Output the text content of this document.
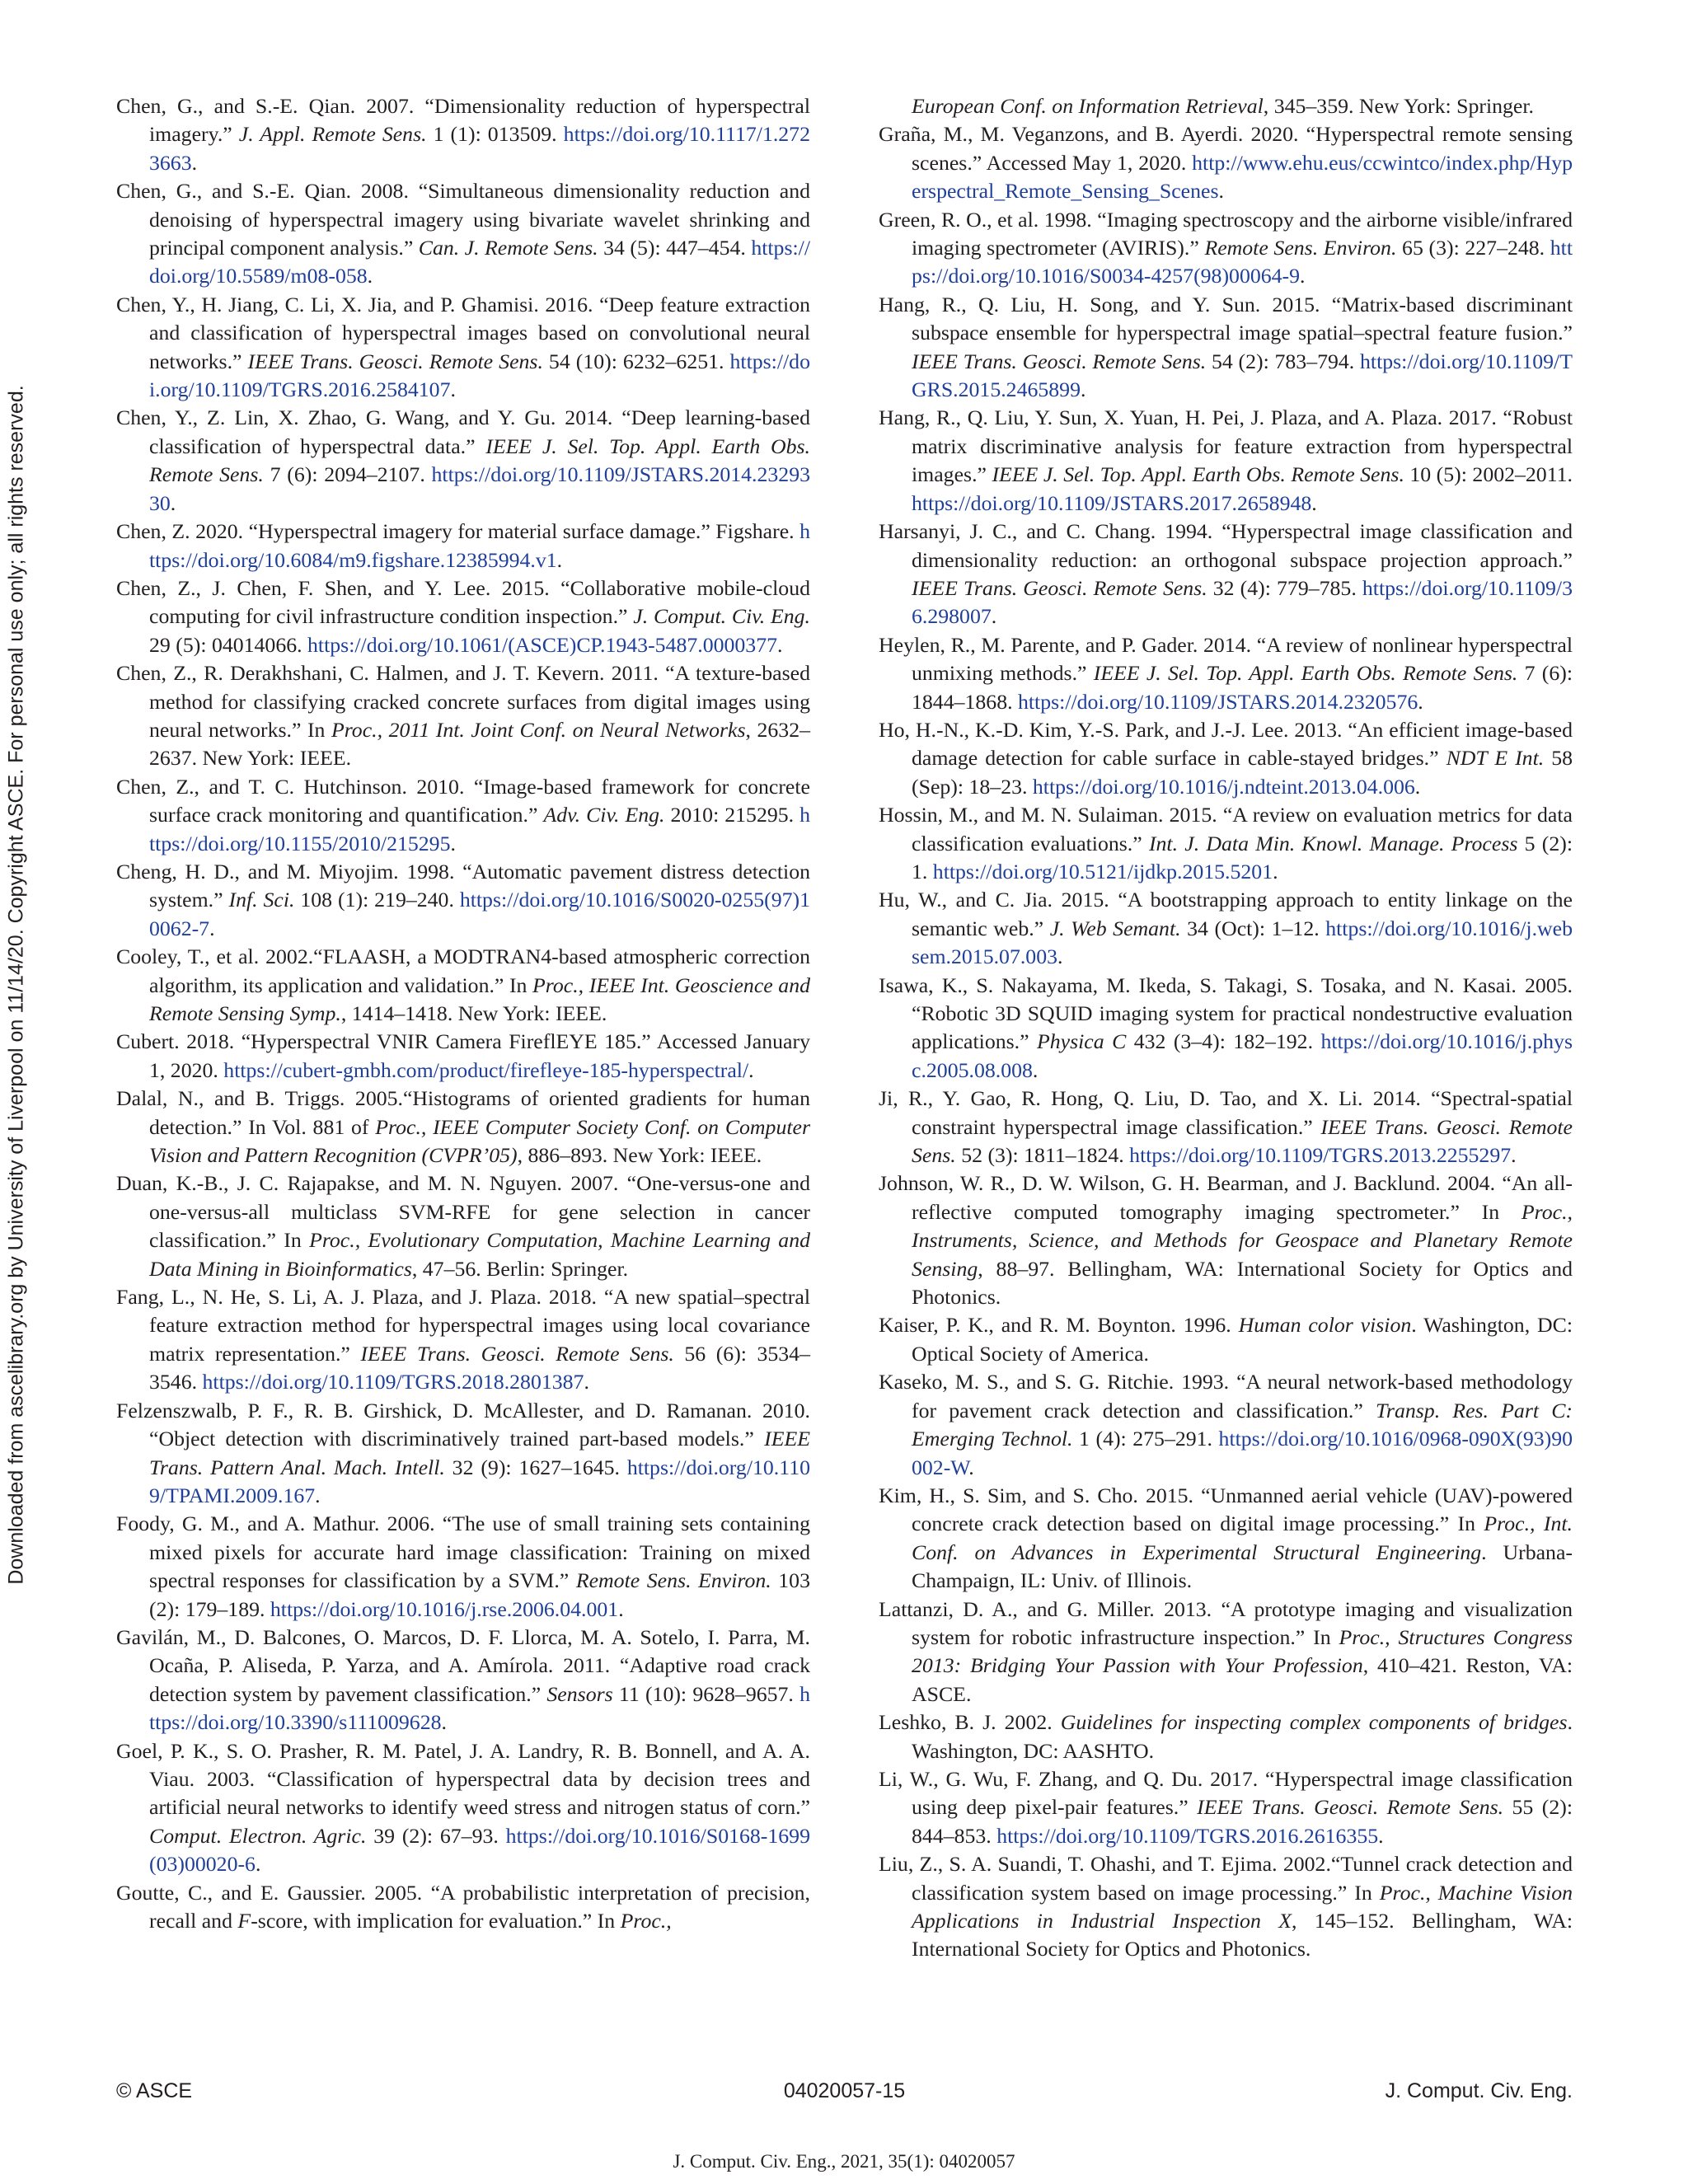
Downloaded from ascelibrary.org by University of Liverpool on 11/14/20. Copyright ASCE. For personal use only; all rights reserved.

Chen, G., and S.-E. Qian. 2007. “Dimensionality reduction of hyperspectral imagery.” J. Appl. Remote Sens. 1 (1): 013509. https://doi.org/10.1117/1.2723663.

Chen, G., and S.-E. Qian. 2008. “Simultaneous dimensionality reduction and denoising of hyperspectral imagery using bivariate wavelet shrinking and principal component analysis.” Can. J. Remote Sens. 34 (5): 447–454. https://doi.org/10.5589/m08-058.

Chen, Y., H. Jiang, C. Li, X. Jia, and P. Ghamisi. 2016. “Deep feature extraction and classification of hyperspectral images based on convolutional neural networks.” IEEE Trans. Geosci. Remote Sens. 54 (10): 6232–6251. https://doi.org/10.1109/TGRS.2016.2584107.

Chen, Y., Z. Lin, X. Zhao, G. Wang, and Y. Gu. 2014. “Deep learning-based classification of hyperspectral data.” IEEE J. Sel. Top. Appl. Earth Obs. Remote Sens. 7 (6): 2094–2107. https://doi.org/10.1109/JSTARS.2014.2329330.

Chen, Z. 2020. “Hyperspectral imagery for material surface damage.” Figshare. https://doi.org/10.6084/m9.figshare.12385994.v1.

Chen, Z., J. Chen, F. Shen, and Y. Lee. 2015. “Collaborative mobile-cloud computing for civil infrastructure condition inspection.” J. Comput. Civ. Eng. 29 (5): 04014066. https://doi.org/10.1061/(ASCE)CP.1943-5487.0000377.

Chen, Z., R. Derakhshani, C. Halmen, and J. T. Kevern. 2011. “A texture-based method for classifying cracked concrete surfaces from digital images using neural networks.” In Proc., 2011 Int. Joint Conf. on Neural Networks, 2632–2637. New York: IEEE.

Chen, Z., and T. C. Hutchinson. 2010. “Image-based framework for concrete surface crack monitoring and quantification.” Adv. Civ. Eng. 2010: 215295. https://doi.org/10.1155/2010/215295.

Cheng, H. D., and M. Miyojim. 1998. “Automatic pavement distress detection system.” Inf. Sci. 108 (1): 219–240. https://doi.org/10.1016/S0020-0255(97)10062-7.

Cooley, T., et al. 2002.“FLAASH, a MODTRAN4-based atmospheric correction algorithm, its application and validation.” In Proc., IEEE Int. Geoscience and Remote Sensing Symp., 1414–1418. New York: IEEE.

Cubert. 2018. “Hyperspectral VNIR Camera FireflEYE 185.” Accessed January 1, 2020. https://cubert-gmbh.com/product/firefleye-185-hyperspectral/.

Dalal, N., and B. Triggs. 2005.“Histograms of oriented gradients for human detection.” In Vol. 881 of Proc., IEEE Computer Society Conf. on Computer Vision and Pattern Recognition (CVPR’05), 886–893. New York: IEEE.

Duan, K.-B., J. C. Rajapakse, and M. N. Nguyen. 2007. “One-versus-one and one-versus-all multiclass SVM-RFE for gene selection in cancer classification.” In Proc., Evolutionary Computation, Machine Learning and Data Mining in Bioinformatics, 47–56. Berlin: Springer.

Fang, L., N. He, S. Li, A. J. Plaza, and J. Plaza. 2018. “A new spatial–spectral feature extraction method for hyperspectral images using local covariance matrix representation.” IEEE Trans. Geosci. Remote Sens. 56 (6): 3534–3546. https://doi.org/10.1109/TGRS.2018.2801387.

Felzenszwalb, P. F., R. B. Girshick, D. McAllester, and D. Ramanan. 2010. “Object detection with discriminatively trained part-based models.” IEEE Trans. Pattern Anal. Mach. Intell. 32 (9): 1627–1645. https://doi.org/10.1109/TPAMI.2009.167.

Foody, G. M., and A. Mathur. 2006. “The use of small training sets containing mixed pixels for accurate hard image classification: Training on mixed spectral responses for classification by a SVM.” Remote Sens. Environ. 103 (2): 179–189. https://doi.org/10.1016/j.rse.2006.04.001.

Gavilán, M., D. Balcones, O. Marcos, D. F. Llorca, M. A. Sotelo, I. Parra, M. Ocaña, P. Aliseda, P. Yarza, and A. Amírola. 2011. “Adaptive road crack detection system by pavement classification.” Sensors 11 (10): 9628–9657. https://doi.org/10.3390/s111009628.

Goel, P. K., S. O. Prasher, R. M. Patel, J. A. Landry, R. B. Bonnell, and A. A. Viau. 2003. “Classification of hyperspectral data by decision trees and artificial neural networks to identify weed stress and nitrogen status of corn.” Comput. Electron. Agric. 39 (2): 67–93. https://doi.org/10.1016/S0168-1699(03)00020-6.

Goutte, C., and E. Gaussier. 2005. “A probabilistic interpretation of precision, recall and F-score, with implication for evaluation.” In Proc.,

European Conf. on Information Retrieval, 345–359. New York: Springer.

Graña, M., M. Veganzons, and B. Ayerdi. 2020. “Hyperspectral remote sensing scenes.” Accessed May 1, 2020. http://www.ehu.eus/ccwintco/index.php/Hyperspectral_Remote_Sensing_Scenes.

Green, R. O., et al. 1998. “Imaging spectroscopy and the airborne visible/infrared imaging spectrometer (AVIRIS).” Remote Sens. Environ. 65 (3): 227–248. https://doi.org/10.1016/S0034-4257(98)00064-9.

Hang, R., Q. Liu, H. Song, and Y. Sun. 2015. “Matrix-based discriminant subspace ensemble for hyperspectral image spatial–spectral feature fusion.” IEEE Trans. Geosci. Remote Sens. 54 (2): 783–794. https://doi.org/10.1109/TGRS.2015.2465899.

Hang, R., Q. Liu, Y. Sun, X. Yuan, H. Pei, J. Plaza, and A. Plaza. 2017. “Robust matrix discriminative analysis for feature extraction from hyperspectral images.” IEEE J. Sel. Top. Appl. Earth Obs. Remote Sens. 10 (5): 2002–2011. https://doi.org/10.1109/JSTARS.2017.2658948.

Harsanyi, J. C., and C. Chang. 1994. “Hyperspectral image classification and dimensionality reduction: an orthogonal subspace projection approach.” IEEE Trans. Geosci. Remote Sens. 32 (4): 779–785. https://doi.org/10.1109/36.298007.

Heylen, R., M. Parente, and P. Gader. 2014. “A review of nonlinear hyperspectral unmixing methods.” IEEE J. Sel. Top. Appl. Earth Obs. Remote Sens. 7 (6): 1844–1868. https://doi.org/10.1109/JSTARS.2014.2320576.

Ho, H.-N., K.-D. Kim, Y.-S. Park, and J.-J. Lee. 2013. “An efficient image-based damage detection for cable surface in cable-stayed bridges.” NDT E Int. 58 (Sep): 18–23. https://doi.org/10.1016/j.ndteint.2013.04.006.

Hossin, M., and M. N. Sulaiman. 2015. “A review on evaluation metrics for data classification evaluations.” Int. J. Data Min. Knowl. Manage. Process 5 (2): 1. https://doi.org/10.5121/ijdkp.2015.5201.

Hu, W., and C. Jia. 2015. “A bootstrapping approach to entity linkage on the semantic web.” J. Web Semant. 34 (Oct): 1–12. https://doi.org/10.1016/j.websem.2015.07.003.

Isawa, K., S. Nakayama, M. Ikeda, S. Takagi, S. Tosaka, and N. Kasai. 2005. “Robotic 3D SQUID imaging system for practical nondestructive evaluation applications.” Physica C 432 (3–4): 182–192. https://doi.org/10.1016/j.physc.2005.08.008.

Ji, R., Y. Gao, R. Hong, Q. Liu, D. Tao, and X. Li. 2014. “Spectral-spatial constraint hyperspectral image classification.” IEEE Trans. Geosci. Remote Sens. 52 (3): 1811–1824. https://doi.org/10.1109/TGRS.2013.2255297.

Johnson, W. R., D. W. Wilson, G. H. Bearman, and J. Backlund. 2004. “An all-reflective computed tomography imaging spectrometer.” In Proc., Instruments, Science, and Methods for Geospace and Planetary Remote Sensing, 88–97. Bellingham, WA: International Society for Optics and Photonics.

Kaiser, P. K., and R. M. Boynton. 1996. Human color vision. Washington, DC: Optical Society of America.

Kaseko, M. S., and S. G. Ritchie. 1993. “A neural network-based methodology for pavement crack detection and classification.” Transp. Res. Part C: Emerging Technol. 1 (4): 275–291. https://doi.org/10.1016/0968-090X(93)90002-W.

Kim, H., S. Sim, and S. Cho. 2015. “Unmanned aerial vehicle (UAV)-powered concrete crack detection based on digital image processing.” In Proc., Int. Conf. on Advances in Experimental Structural Engineering. Urbana-Champaign, IL: Univ. of Illinois.

Lattanzi, D. A., and G. Miller. 2013. “A prototype imaging and visualization system for robotic infrastructure inspection.” In Proc., Structures Congress 2013: Bridging Your Passion with Your Profession, 410–421. Reston, VA: ASCE.

Leshko, B. J. 2002. Guidelines for inspecting complex components of bridges. Washington, DC: AASHTO.

Li, W., G. Wu, F. Zhang, and Q. Du. 2017. “Hyperspectral image classification using deep pixel-pair features.” IEEE Trans. Geosci. Remote Sens. 55 (2): 844–853. https://doi.org/10.1109/TGRS.2016.2616355.

Liu, Z., S. A. Suandi, T. Ohashi, and T. Ejima. 2002.“Tunnel crack detection and classification system based on image processing.” In Proc., Machine Vision Applications in Industrial Inspection X, 145–152. Bellingham, WA: International Society for Optics and Photonics.

© ASCE	04020057-15	J. Comput. Civ. Eng.
J. Comput. Civ. Eng., 2021, 35(1): 04020057
